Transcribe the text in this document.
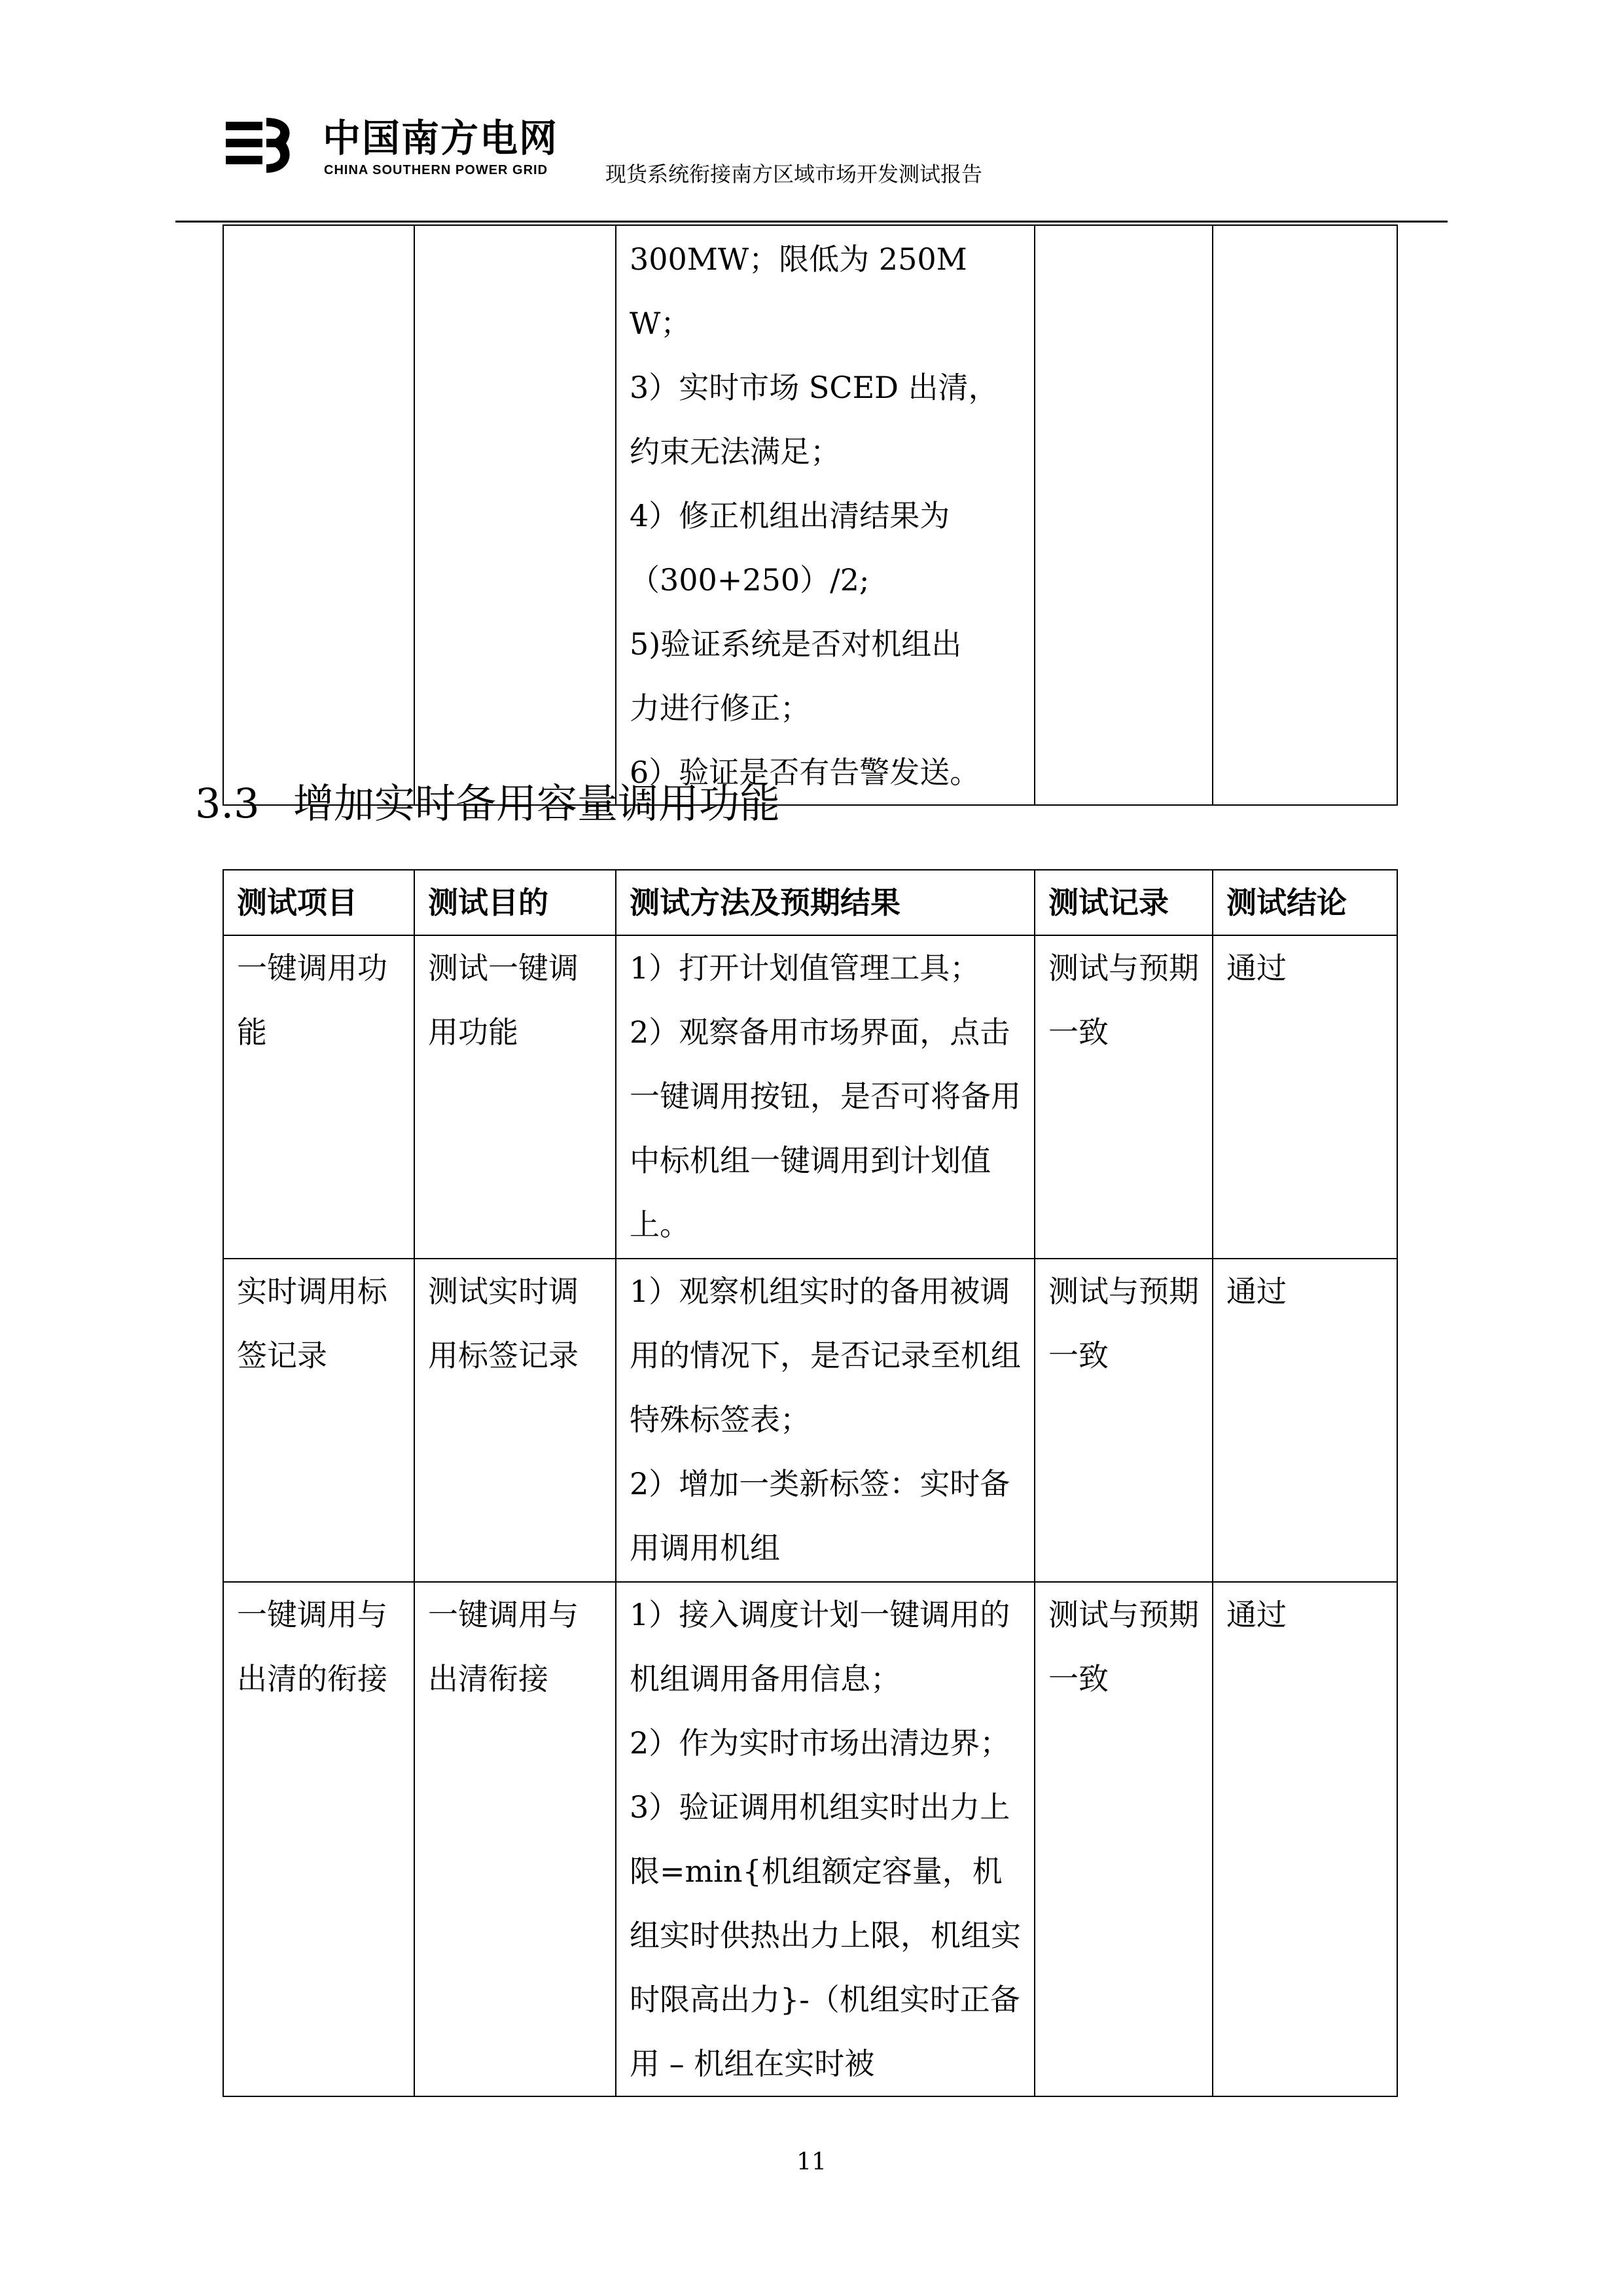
中国南方电网
CHINA SOUTHERN POWER GRID	现货系统衔接南方区域市场开发测试报告

300MW；限低为 250MW；
3）实时市场 SCED 出清，
约束无法满足；
4）修正机组出清结果为
（300+250）/2;
5)验证系统是否对机组出
力进行修正；
6）验证是否有告警发送。

3.3 增加实时备用容量调用功能
测试项目	测试目的	测试方法及预期结果	测试记录	测试结论
一键调用功能	测试一键调用功能	1）打开计划值管理工具；
2）观察备用市场界面，点击一键调用按钮，是否可将备用中标机组一键调用到计划值上。	测试与预期一致	通过
实时调用标签记录	测试实时调用标签记录	1）观察机组实时的备用被调用的情况下，是否记录至机组特殊标签表；
2）增加一类新标签：实时备用调用机组	测试与预期一致	通过
一键调用与出清的衔接	一键调用与出清衔接	1）接入调度计划一键调用的机组调用备用信息；
2）作为实时市场出清边界；
3）验证调用机组实时出力上限=min{机组额定容量，机组实时供热出力上限，机组实时限高出力}-（机组实时正备用 – 机组在实时被	测试与预期一致	通过
11
